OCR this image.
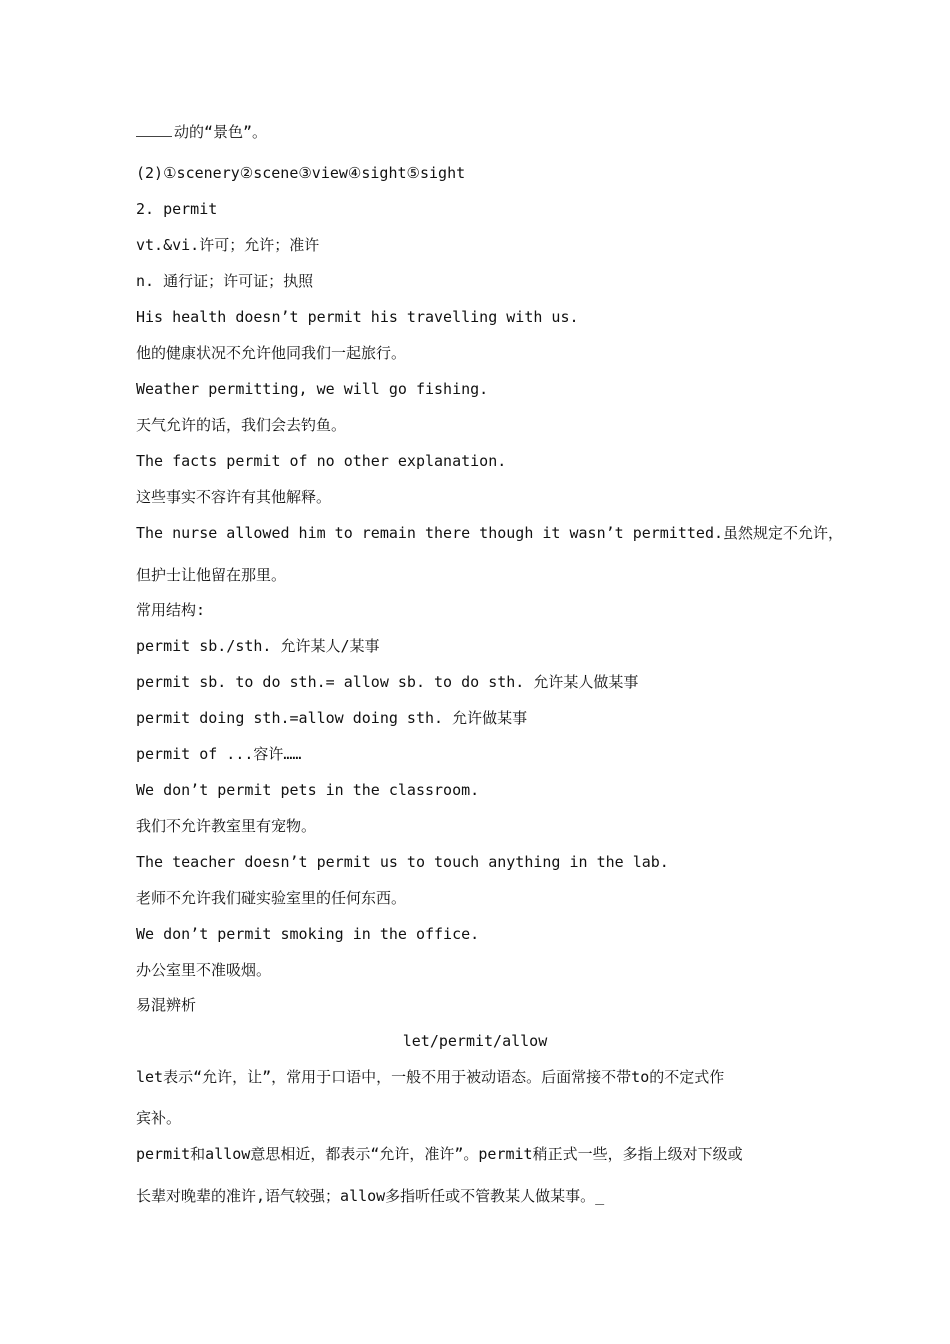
动的“景色”。
(2)①scenery②scene③view④sight⑤sight
2. permit
vt.&vi.许可；允许；准许
n. 通行证；许可证；执照
His health doesn’t permit his travelling with us.
他的健康状况不允许他同我们一起旅行。
Weather permitting, we will go fishing.
天气允许的话，我们会去钓鱼。
The facts permit of no other explanation.
这些事实不容许有其他解释。
The nurse allowed him to remain there though it wasn’t permitted.虽然规定不允许，
但护士让他留在那里。
常用结构:
permit sb./sth. 允许某人/某事
permit sb. to do sth.= allow sb. to do sth. 允许某人做某事
permit doing sth.=allow doing sth. 允许做某事
permit of ...容许……
We don’t permit pets in the classroom.
我们不允许教室里有宠物。
The teacher doesn’t permit us to touch anything in the lab.
老师不允许我们碰实验室里的任何东西。
We don’t permit smoking in the office.
办公室里不准吸烟。
易混辨析
let/permit/allow
let表示“允许，让”，常用于口语中，一般不用于被动语态。后面常接不带to的不定式作
宾补。
permit和allow意思相近，都表示“允许，准许”。permit稍正式一些，多指上级对下级或
长辈对晚辈的准许,语气较强；allow多指听任或不管教某人做某事。_
